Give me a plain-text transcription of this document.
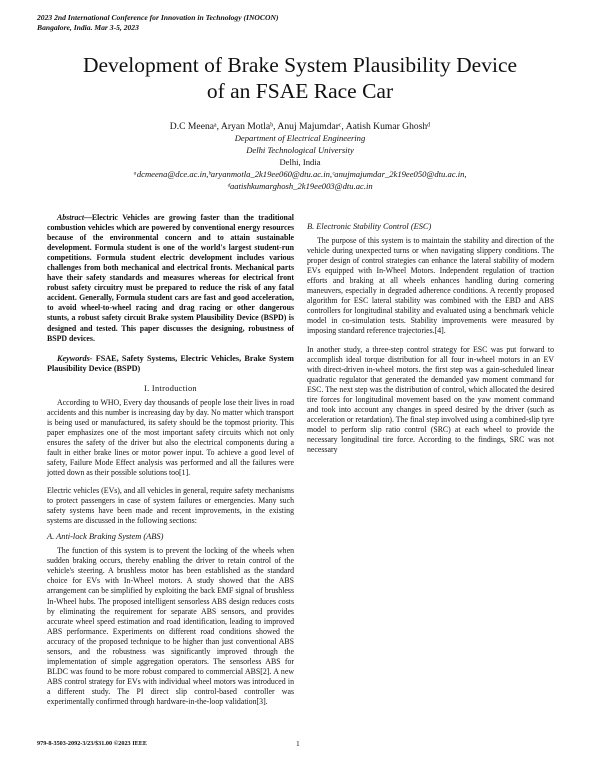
2023 2nd International Conference for Innovation in Technology (INOCON)
Bangalore, India. Mar 3-5, 2023
Development of Brake System Plausibility Device
of an FSAE Race Car
D.C Meenaᵃ, Aryan Motlaᵇ, Anuj Majumdarᶜ, Aatish Kumar Ghoshᵈ
Department of Electrical Engineering
Delhi Technological University
Delhi, India
ᵃdcmeena@dce.ac.in,ᵇaryanmotla_2k19ee060@dtu.ac.in,ᶜanujmajumdar_2k19ee050@dtu.ac.in,
ᵈaatishkumarghosh_2k19ee003@dtu.ac.in

Abstract—Electric Vehicles are growing faster than the traditional combustion vehicles which are powered by conventional energy resources because of the environmental concern and to attain sustainable development. Formula student is one of the world's largest student-run competitions. Formula student electric development includes various challenges from both mechanical and electrical fronts. Mechanical parts have their safety standards and measures whereas for electrical front robust safety circuitry must be prepared to reduce the risk of any fatal accident. Generally, Formula student cars are fast and good acceleration, to avoid wheel-to-wheel racing and drag racing or other dangerous stunts, a robust safety circuit Brake system Plausibility Device (BSPD) is designed and tested. This paper discusses the designing, robustness of BSPD devices.

Keywords- FSAE, Safety Systems, Electric Vehicles, Brake System Plausibility Device (BSPD)

I. Introduction

According to WHO, Every day thousands of people lose their lives in road accidents and this number is increasing day by day. No matter which transport is being used or manufactured, its safety should be the topmost priority. This paper emphasizes one of the most important safety circuits which not only ensures the safety of the driver but also the electrical components during a fault in either brake lines or motor power input. To achieve a good level of safety, Failure Mode Effect analysis was performed and all the failures were jotted down as their possible solutions too[1].

Electric vehicles (EVs), and all vehicles in general, require safety mechanisms to protect passengers in case of system failures or emergencies. Many such safety systems have been made and recent improvements, in the existing systems are discussed in the following sections:

A. Anti-lock Braking System (ABS)

The function of this system is to prevent the locking of the wheels when sudden braking occurs, thereby enabling the driver to retain control of the vehicle's steering. A brushless motor has been established as the standard choice for EVs with In-Wheel motors. A study showed that the ABS arrangement can be simplified by exploiting the back EMF signal of brushless In-Wheel hubs. The proposed intelligent sensorless ABS design reduces costs by eliminating the requirement for separate ABS sensors, and provides accurate wheel speed estimation and road identification, leading to improved ABS performance. Experiments on different road conditions showed the accuracy of the proposed technique to be higher than just conventional ABS sensors, and the robustness was significantly improved through the implementation of simple aggregation operators. The sensorless ABS for BLDC was found to be more robust compared to commercial ABS[2]. A new ABS control strategy for EVs with individual wheel motors was introduced in a different study. The PI direct slip control-based controller was experimentally confirmed through hardware-in-the-loop validation[3].

B. Electronic Stability Control (ESC)

The purpose of this system is to maintain the stability and direction of the vehicle during unexpected turns or when navigating slippery conditions. The proper design of control strategies can enhance the lateral stability of modern EVs equipped with In-Wheel Motors. Independent regulation of traction efforts and braking at all wheels enhances handling during cornering maneuvers, especially in degraded adherence conditions. A recently proposed algorithm for ESC lateral stability was combined with the EBD and ABS controllers for longitudinal stability and evaluated using a benchmark vehicle model in co-simulation tests. Stability improvements were measured by imposing standard reference trajectories.[4].

In another study, a three-step control strategy for ESC was put forward to accomplish ideal torque distribution for all four in-wheel motors in an EV with direct-driven in-wheel motors. the first step was a gain-scheduled linear quadratic regulator that generated the demanded yaw moment command for ESC. The next step was the distribution of control, which allocated the desired tire forces for longitudinal movement based on the yaw moment command and took into account any changes in speed desired by the driver (such as acceleration or retardation). The final step involved using a combined-slip tyre model to perform slip ratio control (SRC) at each wheel to provide the necessary longitudinal tire force. According to the findings, SRC was not necessary

979-8-3503-2092-3/23/$31.00 ©2023 IEEE	1
